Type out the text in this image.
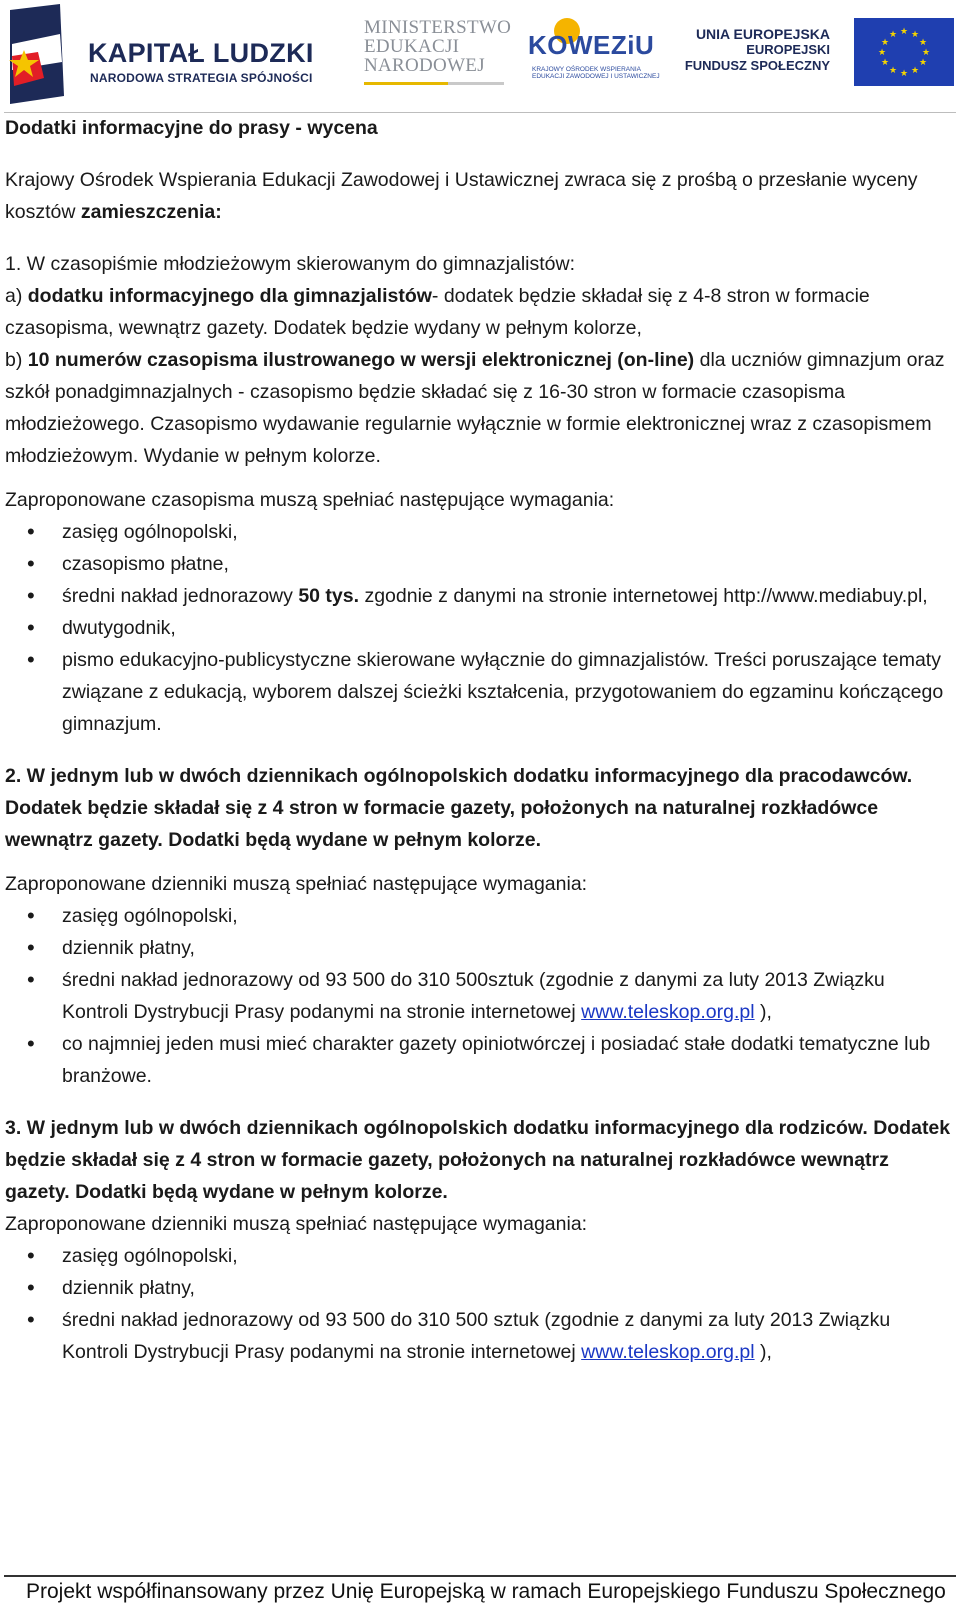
KAPITAŁ LUDZKI
NARODOWA STRATEGIA SPÓJNOŚCI
MINISTERSTWO
EDUKACJI
NARODOWEJ
KOWEZiU
KRAJOWY OŚRODEK WSPIERANIA
EDUKACJI ZAWODOWEJ I USTAWICZNEJ
UNIA EUROPEJSKA
EUROPEJSKI
FUNDUSZ SPOŁECZNY
★ ★
★
★
★
★
★
★
★
★
★
★

Dodatki informacyjne do prasy - wycena

Krajowy Ośrodek Wspierania Edukacji Zawodowej i Ustawicznej zwraca się z prośbą o przesłanie wyceny kosztów zamieszczenia:

1. W czasopiśmie młodzieżowym skierowanym do gimnazjalistów:

a) dodatku informacyjnego dla gimnazjalistów- dodatek będzie składał się z 4-8 stron w formacie czasopisma, wewnątrz gazety. Dodatek będzie wydany w pełnym kolorze,

b) 10 numerów czasopisma ilustrowanego w wersji elektronicznej (on-line) dla uczniów gimnazjum oraz szkół ponadgimnazjalnych - czasopismo będzie składać się z 16-30 stron w formacie czasopisma młodzieżowego. Czasopismo wydawanie regularnie wyłącznie w formie elektronicznej wraz z czasopismem młodzieżowym. Wydanie w pełnym kolorze.

Zaproponowane czasopisma muszą spełniać następujące wymagania:

• zasięg ogólnopolski,
• czasopismo płatne,
• średni nakład jednorazowy 50 tys. zgodnie z danymi na stronie internetowej http://www.mediabuy.pl,
• dwutygodnik,
• pismo edukacyjno-publicystyczne skierowane wyłącznie do gimnazjalistów. Treści poruszające tematy związane z edukacją, wyborem dalszej ścieżki kształcenia, przygotowaniem do egzaminu kończącego gimnazjum.

2. W jednym lub w dwóch dziennikach ogólnopolskich dodatku informacyjnego dla pracodawców. Dodatek będzie składał się z 4 stron w formacie gazety, położonych na naturalnej rozkładówce wewnątrz gazety. Dodatki będą wydane w pełnym kolorze.

Zaproponowane dzienniki muszą spełniać następujące wymagania:

• zasięg ogólnopolski,
• dziennik płatny,
• średni nakład jednorazowy od 93 500 do 310 500sztuk (zgodnie z danymi za luty 2013 Związku Kontroli Dystrybucji Prasy podanymi na stronie internetowej www.teleskop.org.pl ),
• co najmniej jeden musi mieć charakter gazety opiniotwórczej i posiadać stałe dodatki tematyczne lub branżowe.

3. W jednym lub w dwóch dziennikach ogólnopolskich dodatku informacyjnego dla rodziców. Dodatek będzie składał się z 4 stron w formacie gazety, położonych na naturalnej rozkładówce wewnątrz gazety. Dodatki będą wydane w pełnym kolorze.

Zaproponowane dzienniki muszą spełniać następujące wymagania:

• zasięg ogólnopolski,
• dziennik płatny,
• średni nakład jednorazowy od 93 500 do 310 500 sztuk (zgodnie z danymi za luty 2013 Związku Kontroli Dystrybucji Prasy podanymi na stronie internetowej www.teleskop.org.pl ),
Projekt współfinansowany przez Unię Europejską w ramach Europejskiego Funduszu Społecznego
